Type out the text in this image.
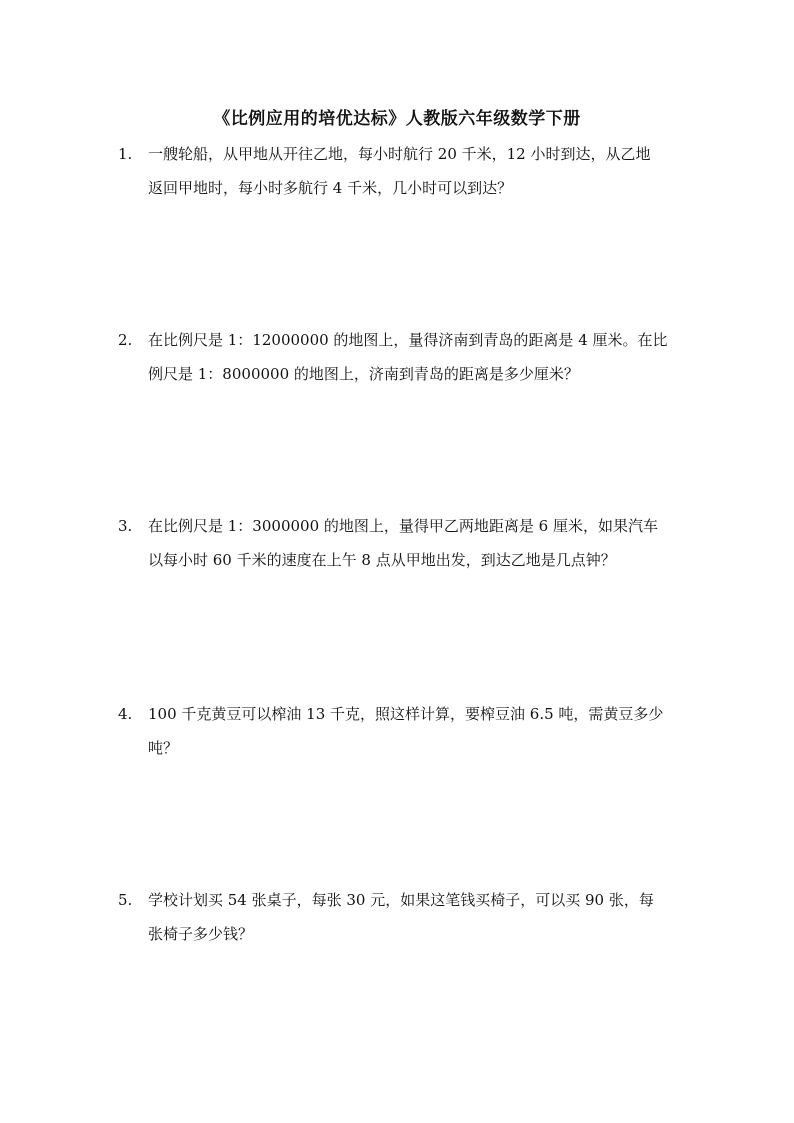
《比例应用的培优达标》人教版六年级数学下册
1. 一艘轮船，从甲地从开往乙地，每小时航行 20 千米，12 小时到达，从乙地
返回甲地时，每小时多航行 4 千米，几小时可以到达？
2. 在比例尺是 1：12000000 的地图上，量得济南到青岛的距离是 4 厘米。在比
例尺是 1：8000000 的地图上，济南到青岛的距离是多少厘米？
3. 在比例尺是 1：3000000 的地图上，量得甲乙两地距离是 6 厘米，如果汽车
以每小时 60 千米的速度在上午 8 点从甲地出发，到达乙地是几点钟？
4. 100 千克黄豆可以榨油 13 千克，照这样计算，要榨豆油 6.5 吨，需黄豆多少
吨？
5. 学校计划买 54 张桌子，每张 30 元，如果这笔钱买椅子，可以买 90 张，每
张椅子多少钱？
